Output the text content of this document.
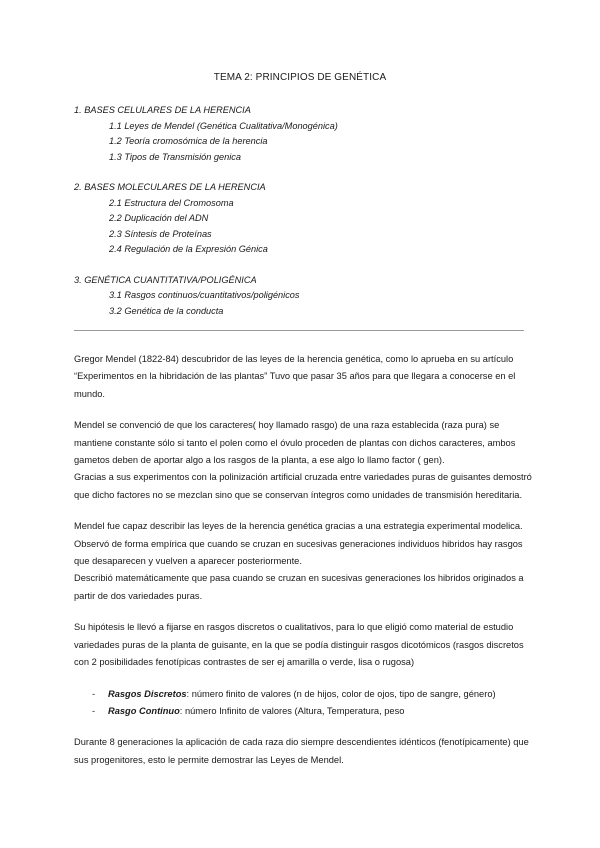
TEMA 2: PRINCIPIOS DE GENÉTICA

1. BASES CELULARES DE LA HERENCIA

1.1 Leyes de Mendel (Genética Cualitativa/Monogénica)

1.2 Teoría cromosómica de la herencia

1.3 Tipos de Transmisión genica

2. BASES MOLECULARES DE LA HERENCIA

2.1 Estructura del Cromosoma

2.2 Duplicación del ADN

2.3 Síntesis de Proteínas

2.4 Regulación de la Expresión Génica

3. GENÉTICA CUANTITATIVA/POLIGÉNICA

3.1 Rasgos continuos/cuantitativos/poligénicos

3.2 Genética de la conducta

Gregor Mendel (1822-84) descubridor de las leyes de la herencia genética, como lo aprueba en su artículo “Experimentos en la hibridación de las plantas” Tuvo que pasar 35 años para que llegara a conocerse en el mundo.

Mendel se convenció de que los caracteres( hoy llamado rasgo) de una raza establecida (raza pura) se mantiene constante sólo si tanto el polen como el óvulo proceden de plantas con dichos caracteres, ambos gametos deben de aportar algo a los rasgos de la planta, a ese algo lo llamo factor ( gen).

Gracias a sus experimentos con la polinización artificial cruzada entre variedades puras de guisantes demostró que dicho factores no se mezclan sino que se conservan íntegros como unidades de transmisión hereditaria.

Mendel fue capaz describir las leyes de la herencia genética gracias a una estrategia experimental modelica. Observó de forma empírica que cuando se cruzan en sucesivas generaciones individuos hibridos hay rasgos que desaparecen y vuelven a aparecer posteriormente.

Describió matemáticamente que pasa cuando se cruzan en sucesivas generaciones los hibridos originados a partir de dos variedades puras.

Su hipótesis le llevó a fijarse en rasgos discretos o cualitativos, para lo que eligió como material de estudio variedades puras de la planta de guisante, en la que se podía distinguir rasgos dicotómicos (rasgos discretos con 2 posibilidades fenotípicas contrastes de ser ej amarilla o verde, lisa o rugosa)

- Rasgos Discretos: número finito de valores (n de hijos, color de ojos, tipo de sangre, género)
- Rasgo Continuo: número Infinito de valores (Altura, Temperatura, peso

Durante 8 generaciones la aplicación de cada raza dio siempre descendientes idénticos (fenotípicamente) que sus progenitores, esto le permite demostrar las Leyes de Mendel.
